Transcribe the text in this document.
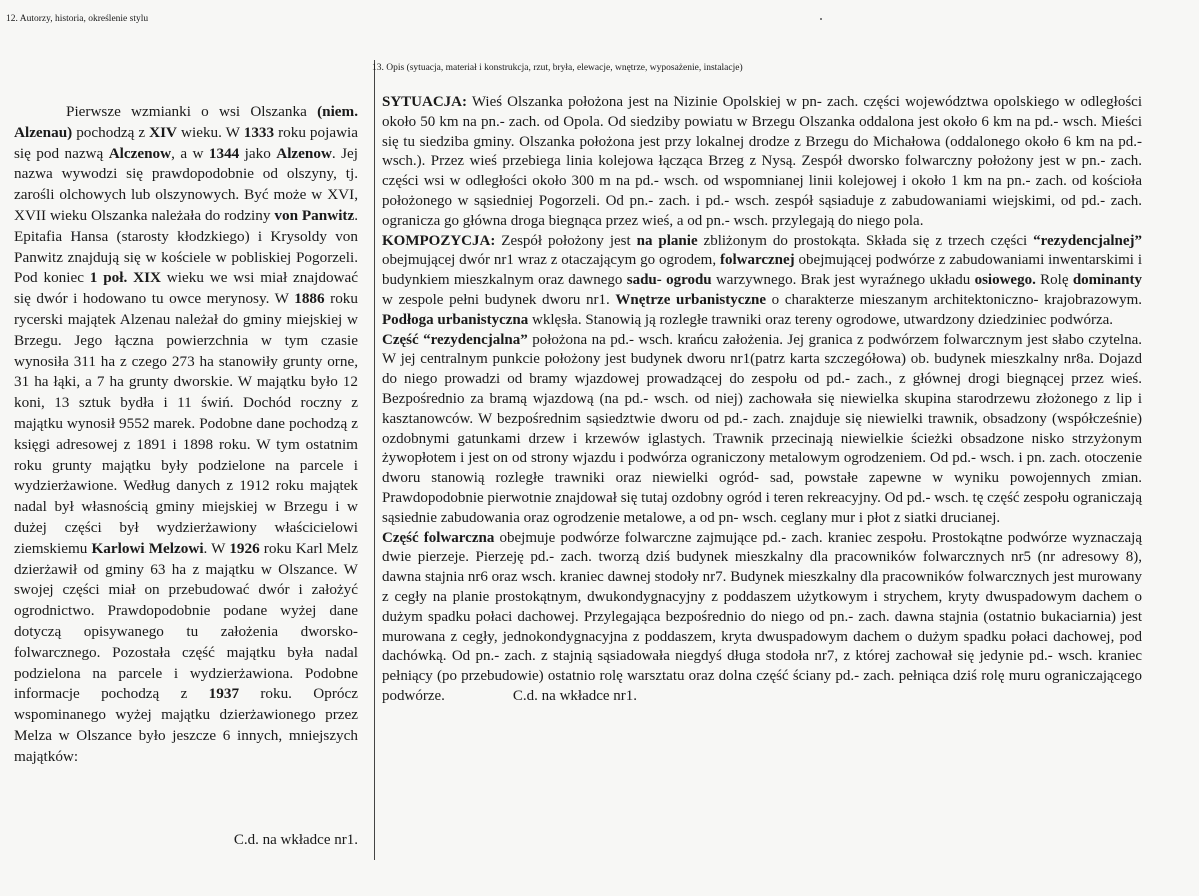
12. Autorzy, historia, określenie stylu
13. Opis (sytuacja, materiał i konstrukcja, rzut, bryła, elewacje, wnętrze, wyposażenie, instalacje)

Pierwsze wzmianki o wsi Olszanka (niem. Alzenau) pochodzą z XIV wieku. W 1333 roku pojawia się pod nazwą Alczenow, a w 1344 jako Alzenow. Jej nazwa wywodzi się prawdopodobnie od olszyny, tj. zarośli olchowych lub olszynowych. Być może w XVI, XVII wieku Olszanka należała do rodziny von Panwitz. Epitafia Hansa (starosty kłodzkiego) i Krysoldy von Panwitz znajdują się w kościele w pobliskiej Pogorzeli. Pod koniec 1 poł. XIX wieku we wsi miał znajdować się dwór i hodowano tu owce merynosy. W 1886 roku rycerski majątek Alzenau należał do gminy miejskiej w Brzegu. Jego łączna powierzchnia w tym czasie wynosiła 311 ha z czego 273 ha stanowiły grunty orne, 31 ha łąki, a 7 ha grunty dworskie. W majątku było 12 koni, 13 sztuk bydła i 11 świń. Dochód roczny z majątku wynosił 9552 marek. Podobne dane pochodzą z księgi adresowej z 1891 i 1898 roku. W tym ostatnim roku grunty majątku były podzielone na parcele i wydzierżawione. Według danych z 1912 roku majątek nadal był własnością gminy miejskiej w Brzegu i w dużej części był wydzierżawiony właścicielowi ziemskiemu Karlowi Melzowi. W 1926 roku Karl Melz dzierżawił od gminy 63 ha z majątku w Olszance. W swojej części miał on przebudować dwór i założyć ogrodnictwo. Prawdopodobnie podane wyżej dane dotyczą opisywanego tu założenia dworsko- folwarcznego. Pozostała część majątku była nadal podzielona na parcele i wydzierżawiona. Podobne informacje pochodzą z 1937 roku. Oprócz wspominanego wyżej majątku dzierżawionego przez Melza w Olszance było jeszcze 6 innych, mniejszych majątków:

C.d. na wkładce nr1.

SYTUACJA: Wieś Olszanka położona jest na Nizinie Opolskiej w pn- zach. części województwa opolskiego w odległości około 50 km na pn.- zach. od Opola. Od siedziby powiatu w Brzegu Olszanka oddalona jest około 6 km na pd.- wsch. Mieści się tu siedziba gminy. Olszanka położona jest przy lokalnej drodze z Brzegu do Michałowa (oddalonego około 6 km na pd.- wsch.). Przez wieś przebiega linia kolejowa łącząca Brzeg z Nysą. Zespół dworsko folwarczny położony jest w pn.- zach. części wsi w odległości około 300 m na pd.- wsch. od wspomnianej linii kolejowej i około 1 km na pn.- zach. od kościoła położonego w sąsiedniej Pogorzeli. Od pn.- zach. i pd.- wsch. zespół sąsiaduje z zabudowaniami wiejskimi, od pd.- zach. ogranicza go główna droga biegnąca przez wieś, a od pn.- wsch. przylegają do niego pola.

KOMPOZYCJA: Zespół położony jest na planie zbliżonym do prostokąta. Składa się z trzech części “rezydencjalnej” obejmującej dwór nr1 wraz z otaczającym go ogrodem, folwarcznej obejmującej podwórze z zabudowaniami inwentarskimi i budynkiem mieszkalnym oraz dawnego sadu- ogrodu warzywnego. Brak jest wyraźnego układu osiowego. Rolę dominanty w zespole pełni budynek dworu nr1. Wnętrze urbanistyczne o charakterze mieszanym architektoniczno- krajobrazowym. Podłoga urbanistyczna wklęsła. Stanowią ją rozległe trawniki oraz tereny ogrodowe, utwardzony dziedziniec podwórza.

Część “rezydencjalna” położona na pd.- wsch. krańcu założenia. Jej granica z podwórzem folwarcznym jest słabo czytelna. W jej centralnym punkcie położony jest budynek dworu nr1(patrz karta szczegółowa) ob. budynek mieszkalny nr8a. Dojazd do niego prowadzi od bramy wjazdowej prowadzącej do zespołu od pd.- zach., z głównej drogi biegnącej przez wieś. Bezpośrednio za bramą wjazdową (na pd.- wsch. od niej) zachowała się niewielka skupina starodrzewu złożonego z lip i kasztanowców. W bezpośrednim sąsiedztwie dworu od pd.- zach. znajduje się niewielki trawnik, obsadzony (współcześnie) ozdobnymi gatunkami drzew i krzewów iglastych. Trawnik przecinają niewielkie ścieżki obsadzone nisko strzyżonym żywopłotem i jest on od strony wjazdu i podwórza ograniczony metalowym ogrodzeniem. Od pd.- wsch. i pn. zach. otoczenie dworu stanowią rozległe trawniki oraz niewielki ogród- sad, powstałe zapewne w wyniku powojennych zmian. Prawdopodobnie pierwotnie znajdował się tutaj ozdobny ogród i teren rekreacyjny. Od pd.- wsch. tę część zespołu ograniczają sąsiednie zabudowania oraz ogrodzenie metalowe, a od pn- wsch. ceglany mur i płot z siatki drucianej.

Część folwarczna obejmuje podwórze folwarczne zajmujące pd.- zach. kraniec zespołu. Prostokątne podwórze wyznaczają dwie pierzeje. Pierzeję pd.- zach. tworzą dziś budynek mieszkalny dla pracowników folwarcznych nr5 (nr adresowy 8), dawna stajnia nr6 oraz wsch. kraniec dawnej stodoły nr7. Budynek mieszkalny dla pracowników folwarcznych jest murowany z cegły na planie prostokątnym, dwukondygnacyjny z poddaszem użytkowym i strychem, kryty dwuspadowym dachem o dużym spadku połaci dachowej. Przylegająca bezpośrednio do niego od pn.- zach. dawna stajnia (ostatnio bukaciarnia) jest murowana z cegły, jednokondygnacyjna z poddaszem, kryta dwuspadowym dachem o dużym spadku połaci dachowej, pod dachówką. Od pn.- zach. z stajnią sąsiadowała niegdyś długa stodoła nr7, z której zachował się jedynie pd.- wsch. kraniec pełniący (po przebudowie) ostatnio rolę warsztatu oraz dolna część ściany pd.- zach. pełniąca dziś rolę muru ograniczającego podwórze.	C.d. na wkładce nr1.
